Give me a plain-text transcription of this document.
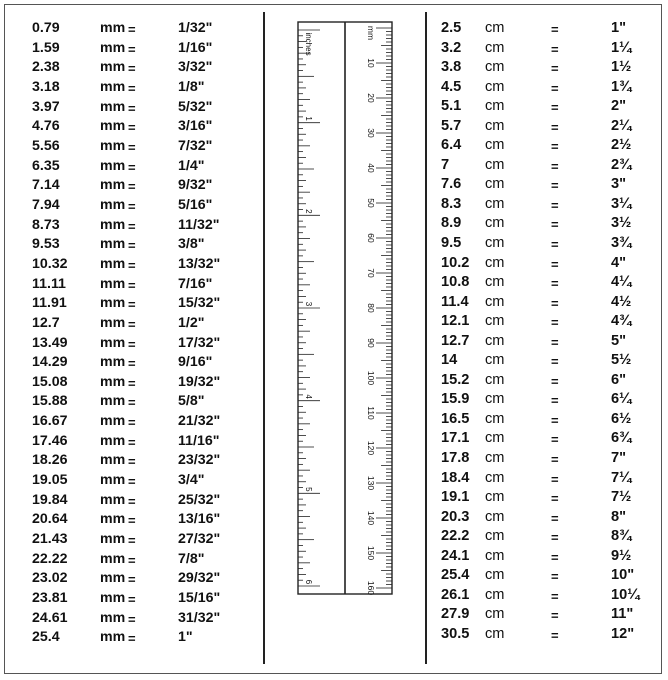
0.79	mm =	1/32"
1.59	mm =	1/16"
2.38	mm =	3/32"
3.18	mm =	1/8"
3.97	mm =	5/32"
4.76	mm =	3/16"
5.56	mm =	7/32"
6.35	mm =	1/4"
7.14	mm =	9/32"
7.94	mm =	5/16"
8.73	mm =	11/32"
9.53	mm =	3/8"
10.32 mm =	13/32"
11.11 mm =	7/16"
11.91 mm =	15/32"
12.7	mm =	1/2"
13.49 mm =	17/32"
14.29 mm =	9/16"
15.08 mm =	19/32"
15.88 mm =	5/8"
16.67 mm =	21/32"
17.46 mm =	11/16"
18.26 mm =	23/32"
19.05 mm =	3/4"
19.84 mm =	25/32"
20.64 mm =	13/16"
21.43 mm =	27/32"
22.22 mm =	7/8"
23.02 mm =	29/32"
23.81 mm =	15/16"
24.61 mm =	31/32"
25.4	mm =	1"
10
20
30
40
50
60
70
80
90
100
110
120
130
140
150
160
mm
1
2
3
4
5
6
inches
2.5 cm	=	1"
3.2 cm	=	1¼
3.8 cm	=	1½
4.5 cm	=	1¾
5.1 cm	=	2"
5.7 cm	=	2¼
6.4 cm	=	2½
7 cm	=	2¾
7.6 cm	=	3"
8.3 cm	=	3¼
8.9 cm	=	3½
9.5 cm	=	3¾
10.2 cm	=	4"
10.8 cm	=	4¼
11.4 cm	=	4½
12.1 cm	=	4¾
12.7 cm	=	5"
14 cm	=	5½
15.2 cm	=	6"
15.9 cm	=	6¼
16.5 cm	=	6½
17.1 cm	=	6¾
17.8 cm	=	7"
18.4 cm	=	7¼
19.1 cm	=	7½
20.3 cm	=	8"
22.2 cm	=	8¾
24.1 cm	=	9½
25.4 cm	=	10"
26.1 cm	=	10¼
27.9 cm	=	11"
30.5 cm	=	12"
